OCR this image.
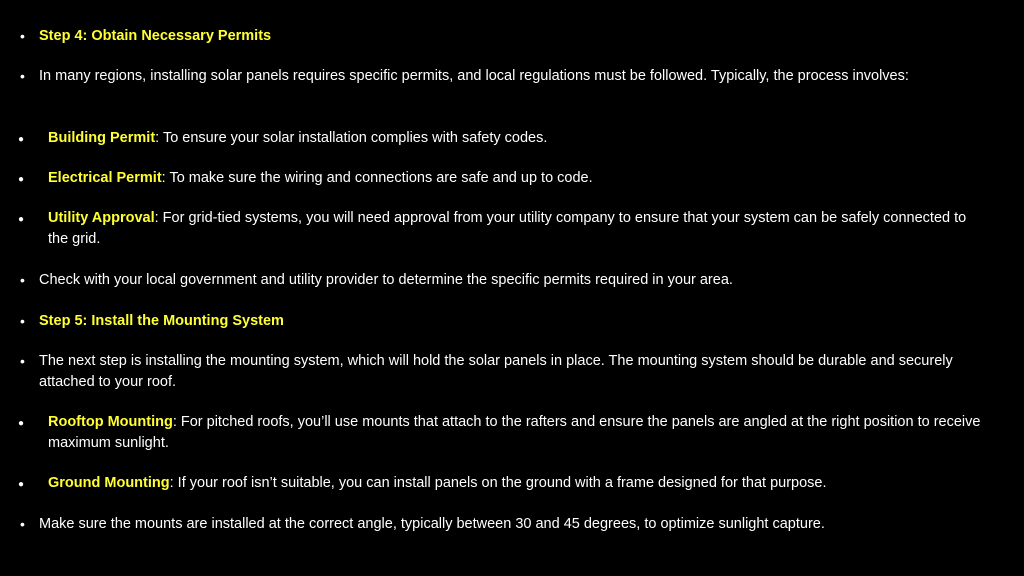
• Step 4: Obtain Necessary Permits
• In many regions, installing solar panels requires specific permits, and local regulations must be followed. Typically, the process involves:
● Building Permit: To ensure your solar installation complies with safety codes.
● Electrical Permit: To make sure the wiring and connections are safe and up to code.
● Utility Approval: For grid-tied systems, you will need approval from your utility company to ensure that your system can be safely connected to the grid.
• Check with your local government and utility provider to determine the specific permits required in your area.
• Step 5: Install the Mounting System
• The next step is installing the mounting system, which will hold the solar panels in place. The mounting system should be durable and securely attached to your roof.
● Rooftop Mounting: For pitched roofs, you’ll use mounts that attach to the rafters and ensure the panels are angled at the right position to receive maximum sunlight.
● Ground Mounting: If your roof isn’t suitable, you can install panels on the ground with a frame designed for that purpose.
• Make sure the mounts are installed at the correct angle, typically between 30 and 45 degrees, to optimize sunlight capture.
